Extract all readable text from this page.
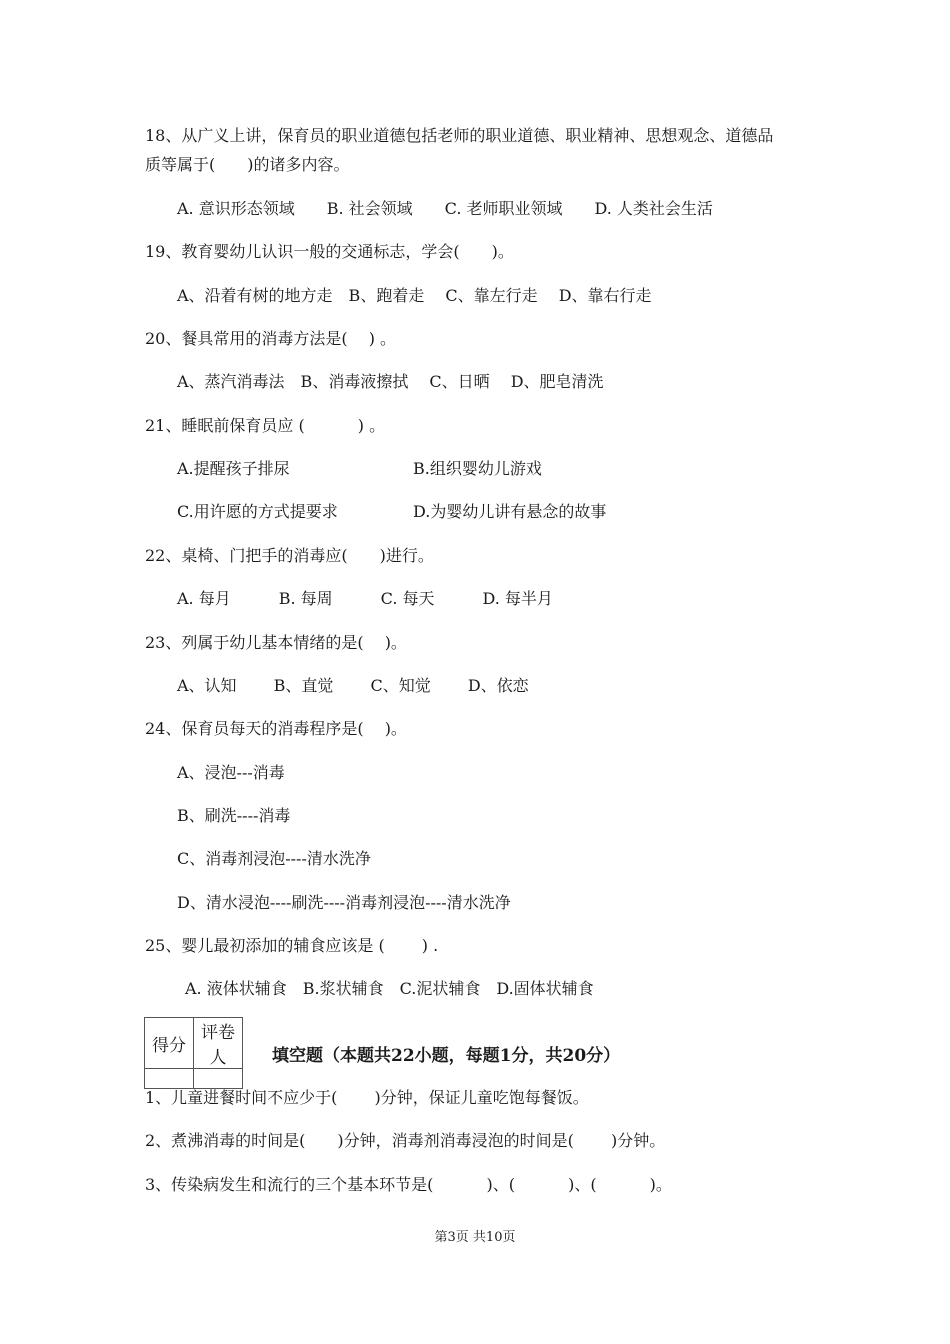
18、从广义上讲，保育员的职业道德包括老师的职业道德、职业精神、思想观念、道德品
质等属于(　　)的诸多内容。
A. 意识形态领域　　B. 社会领域　　C. 老师职业领域　　D. 人类社会生活
19、教育婴幼儿认识一般的交通标志，学会(　　)。
A、沿着有树的地方走　B、跑着走　 C、靠左行走　 D、靠右行走
20、餐具常用的消毒方法是(　 ) 。
A、蒸汽消毒法　B、消毒液擦拭　 C、日晒　 D、肥皂清洗
21、睡眠前保育员应 (　　　 ) 。
A.提醒孩子排尿	B.组织婴幼儿游戏
C.用许愿的方式提要求	D.为婴幼儿讲有悬念的故事
22、桌椅、门把手的消毒应(　　)进行。
A. 每月　　　B. 每周　　　C. 每天　　　D. 每半月
23、列属于幼儿基本情绪的是(　 )。
A、认知　　 B、直觉　　 C、知觉　　 D、依恋
24、保育员每天的消毒程序是(　 )。
A、浸泡---消毒
B、刷洗----消毒
C、消毒剂浸泡----清水洗净
D、清水浸泡----刷洗----消毒剂浸泡----清水洗净
25、婴儿最初添加的辅食应该是 (　　 ) .
A. 液体状辅食　B.浆状辅食　C.泥状辅食　D.固体状辅食
得分	评卷人
		填空题（本题共22小题，每题1分，共20分）
1、儿童进餐时间不应少于(　　 )分钟，保证儿童吃饱每餐饭。
2、煮沸消毒的时间是(　　)分钟，消毒剂消毒浸泡的时间是(　　 )分钟。
3、传染病发生和流行的三个基本环节是(　　　 )、(　　　 )、(　　　 )。
第3页 共10页
